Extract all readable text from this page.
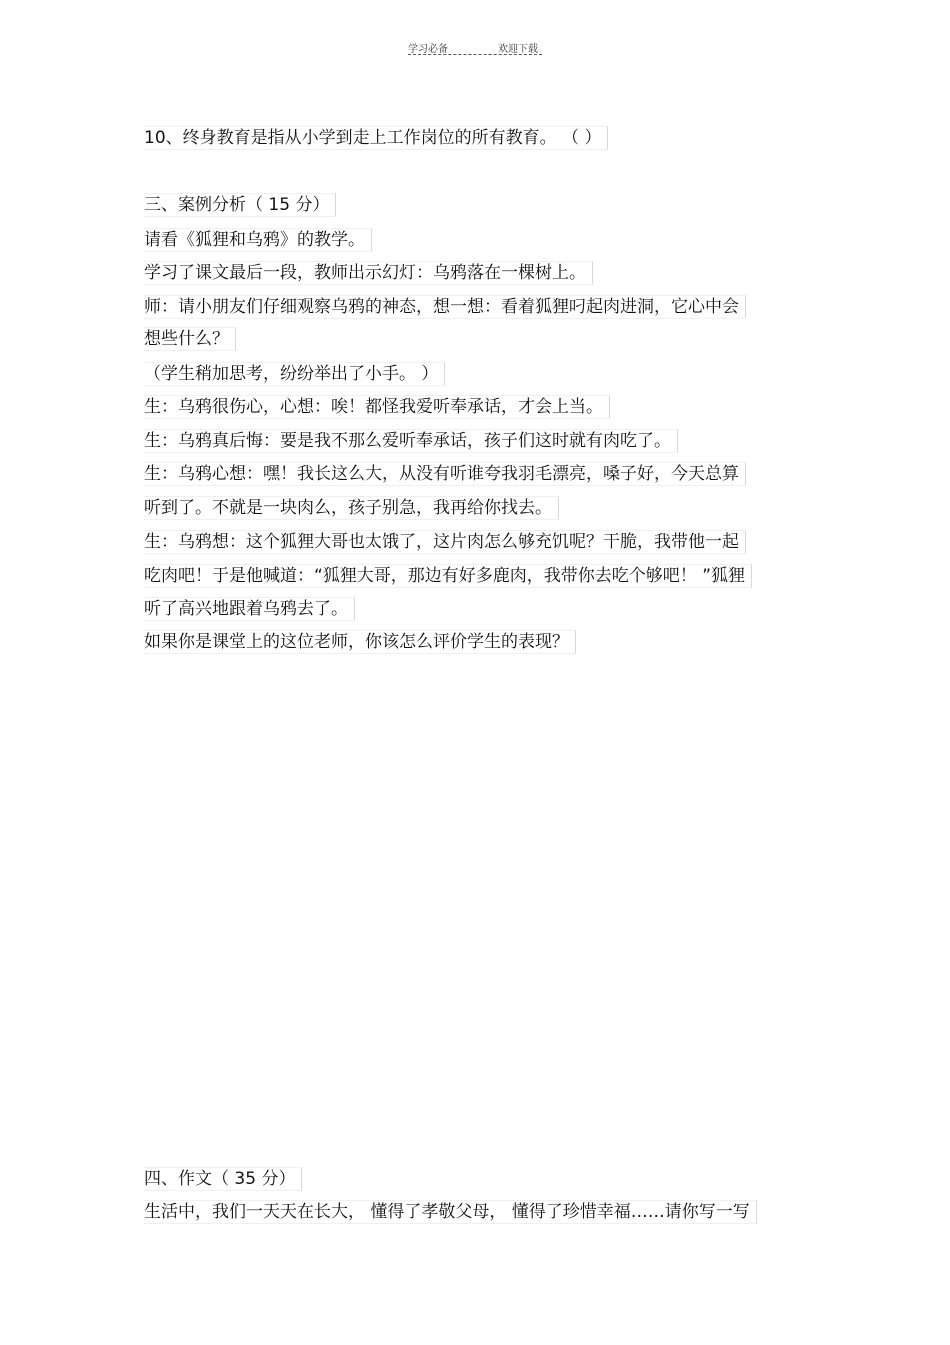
学习必备	欢迎下载
10、终身教育是指从小学到走上工作岗位的所有教育。 （ ）
三、案例分析（ 15 分）
请看《狐狸和乌鸦》的教学。
学习了课文最后一段，教师出示幻灯：乌鸦落在一棵树上。
师：请小朋友们仔细观察乌鸦的神态，想一想：看着狐狸叼起肉进洞，它心中会
想些什么？
（学生稍加思考，纷纷举出了小手。 ）
生：乌鸦很伤心，心想：唉！都怪我爱听奉承话，才会上当。
生：乌鸦真后悔：要是我不那么爱听奉承话，孩子们这时就有肉吃了。
生：乌鸦心想：嘿！我长这么大，从没有听谁夸我羽毛漂亮，嗓子好，今天总算
听到了。不就是一块肉么，孩子别急，我再给你找去。
生：乌鸦想：这个狐狸大哥也太饿了，这片肉怎么够充饥呢？干脆，我带他一起
吃肉吧！于是他喊道：“狐狸大哥，那边有好多鹿肉，我带你去吃个够吧！ ”狐狸
听了高兴地跟着乌鸦去了。
如果你是课堂上的这位老师，你该怎么评价学生的表现？
四、作文（ 35 分）
生活中，我们一天天在长大， 懂得了孝敬父母， 懂得了珍惜幸福……请你写一写
